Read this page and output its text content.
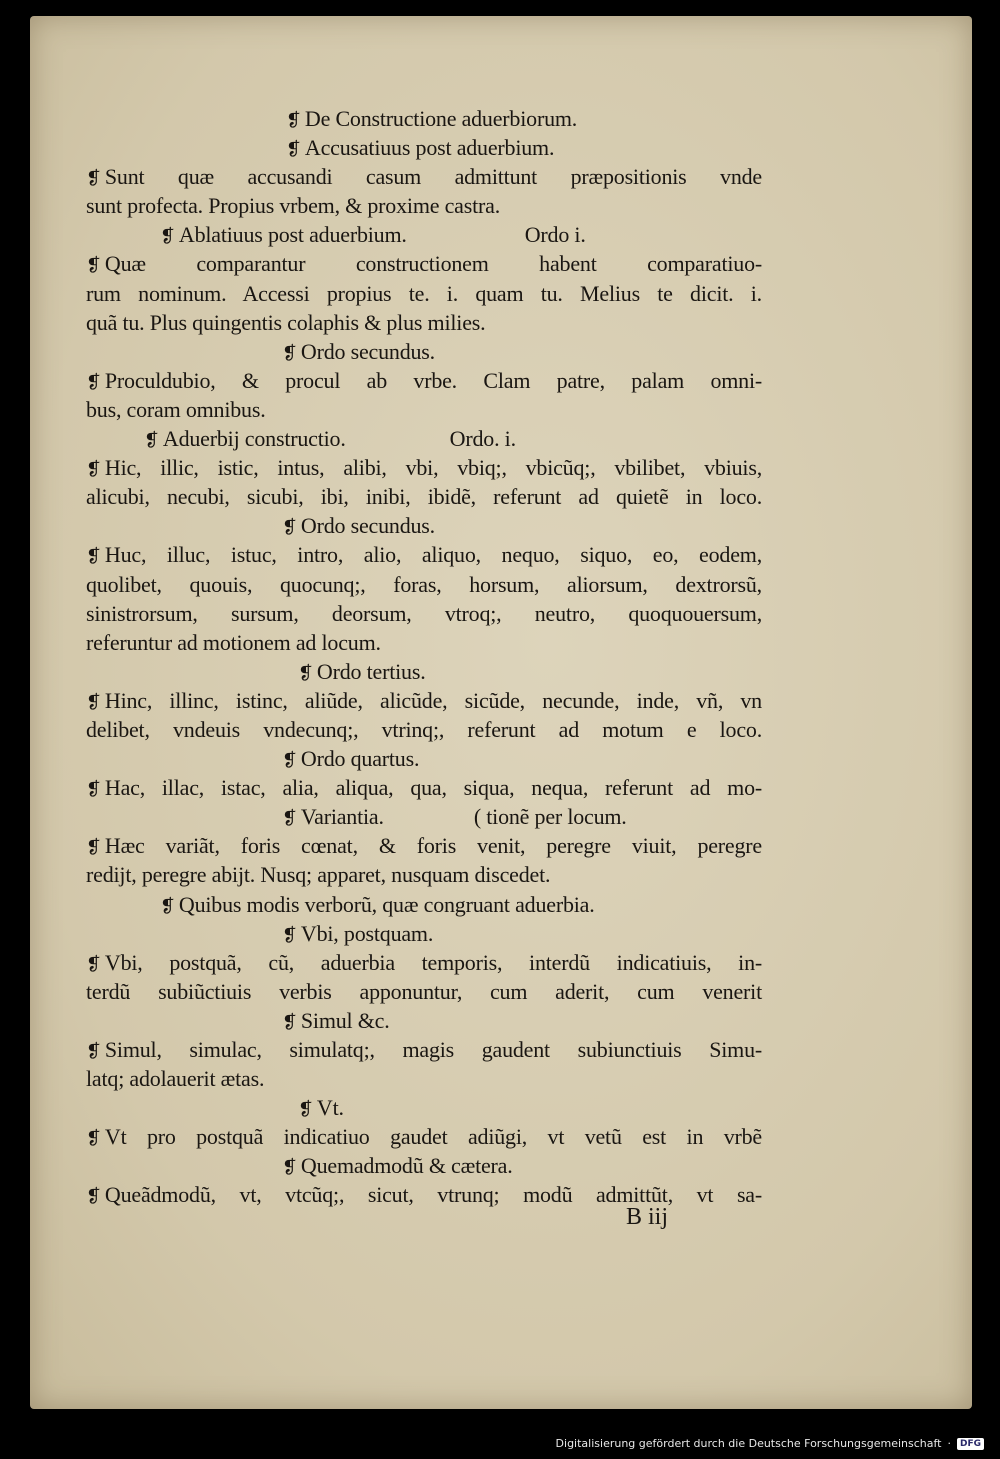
❡ De Constructione aduerbiorum.
❡ Accusatiuus post aduerbium.
❡ Sunt quæ accusandi casum admittunt præpositionis vnde
sunt profecta. Propius vrbem, & proxime castra.
❡ Ablatiuus post aduerbium.	Ordo i.
❡ Quæ comparantur constructionem habent comparatiuo-
rum nominum. Accessi propius te. i. quam tu. Melius te dicit. i.
quã tu. Plus quingentis colaphis & plus milies.
❡ Ordo secundus.
❡ Proculdubio, & procul ab vrbe. Clam patre, palam omni-
bus, coram omnibus.
❡ Aduerbij constructio.	Ordo. i.
❡ Hic, illic, istic, intus, alibi, vbi, vbiq;, vbicũq;, vbilibet, vbiuis,
alicubi, necubi, sicubi, ibi, inibi, ibidẽ, referunt ad quietẽ in loco.
❡ Ordo secundus.
❡ Huc, illuc, istuc, intro, alio, aliquo, nequo, siquo, eo, eodem,
quolibet, quouis, quocunq;, foras, horsum, aliorsum, dextrorsũ,
sinistrorsum, sursum, deorsum, vtroq;, neutro, quoquouersum,
referuntur ad motionem ad locum.
❡ Ordo tertius.
❡ Hinc, illinc, istinc, aliũde, alicũde, sicũde, necunde, inde, vñ, vn
delibet, vndeuis vndecunq;, vtrinq;, referunt ad motum e loco.
❡ Ordo quartus.
❡ Hac, illac, istac, alia, aliqua, qua, siqua, nequa, referunt ad mo-
❡ Variantia.	( tionẽ per locum.
❡ Hæc variãt, foris cœnat, & foris venit, peregre viuit, peregre
redijt, peregre abijt. Nusq; apparet, nusquam discedet.
❡ Quibus modis verborũ, quæ congruant aduerbia.
❡ Vbi, postquam.
❡ Vbi, postquã, cũ, aduerbia temporis, interdũ indicatiuis, in-
terdũ subiũctiuis verbis apponuntur, cum aderit, cum venerit
❡ Simul &c.
❡ Simul, simulac, simulatq;, magis gaudent subiunctiuis Simu-
latq; adolauerit ætas.
❡ Vt.
❡ Vt pro postquã indicatiuo gaudet adiũgi, vt vetũ est in vrbẽ
❡ Quemadmodũ & cætera.
❡ Queãdmodũ, vt, vtcũq;, sicut, vtrunq; modũ admittũt, vt sa-
B iij
Digitalisierung gefördert durch die Deutsche Forschungsgemeinschaft ·	DFG
